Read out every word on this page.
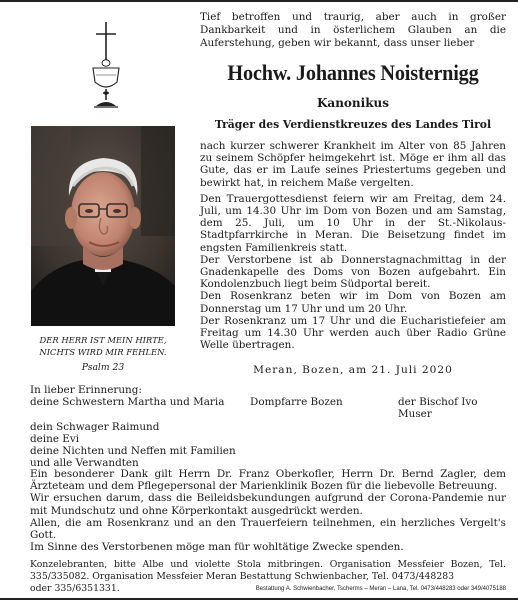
Tief betroffen und traurig, aber auch in großer Dankbarkeit und in österlichem Glauben an die Auferstehung, geben wir bekannt, dass unser lieber
Hochw. Johannes Noisternigg
Kanonikus
Träger des Verdienstkreuzes des Landes Tirol
DER HERR IST MEIN HIRTE,
NICHTS WIRD MIR FEHLEN.
Psalm 23

nach kurzer schwerer Krankheit im Alter von 85 Jahren zu seinem Schöpfer heimgekehrt ist. Möge er ihm all das Gute, das er im Laufe seines Priestertums gegeben und bewirkt hat, in reichem Maße vergelten.

Den Trauergottesdienst feiern wir am Freitag, dem 24. Juli, um 14.30 Uhr im Dom von Bozen und am Samstag, dem 25. Juli, um 10 Uhr in der St.-Nikolaus-Stadtpfarrkirche in Meran. Die Beisetzung findet im engsten Familienkreis statt.

Der Verstorbene ist ab Donnerstagnachmittag in der Gnadenkapelle des Doms von Bozen aufgebahrt. Ein Kondolenzbuch liegt beim Südportal bereit.

Den Rosenkranz beten wir im Dom von Bozen am Donnerstag um 17 Uhr und um 20 Uhr.

Der Rosenkranz um 17 Uhr und die Eucharistiefeier am Freitag um 14.30 Uhr werden auch über Radio Grüne Welle übertragen.

Meran, Bozen, am 21. Juli 2020
In lieber Erinnerung:
deine Schwestern Martha und Maria	Dompfarre Bozen	der Bischof Ivo Muser
dein Schwager Raimund
deine Evi
deine Nichten und Neffen mit Familien
und alle Verwandten
Ein besonderer Dank gilt Herrn Dr. Franz Oberkofler, Herrn Dr. Bernd Zagler, dem Ärzteteam und dem Pflegepersonal der Marienklinik Bozen für die liebevolle Betreuung.
Wir ersuchen darum, dass die Beileidsbekundungen aufgrund der Corona-Pandemie nur mit Mundschutz und ohne Körperkontakt ausgedrückt werden.
Allen, die am Rosenkranz und an den Trauerfeiern teilnehmen, ein herzliches Vergelt's Gott.
Im Sinne des Verstorbenen möge man für wohltätige Zwecke spenden.
Konzelebranten, bitte Albe und violette Stola mitbringen. Organisation Messfeier Bozen, Tel. 335/335082. Organisation Messfeier Meran Bestattung Schwienbacher, Tel. 0473/448283
oder 335/6351331.	Bestattung A. Schwienbacher, Tscherms – Meran – Lana, Tel. 0473/448283 oder 349/4075188
